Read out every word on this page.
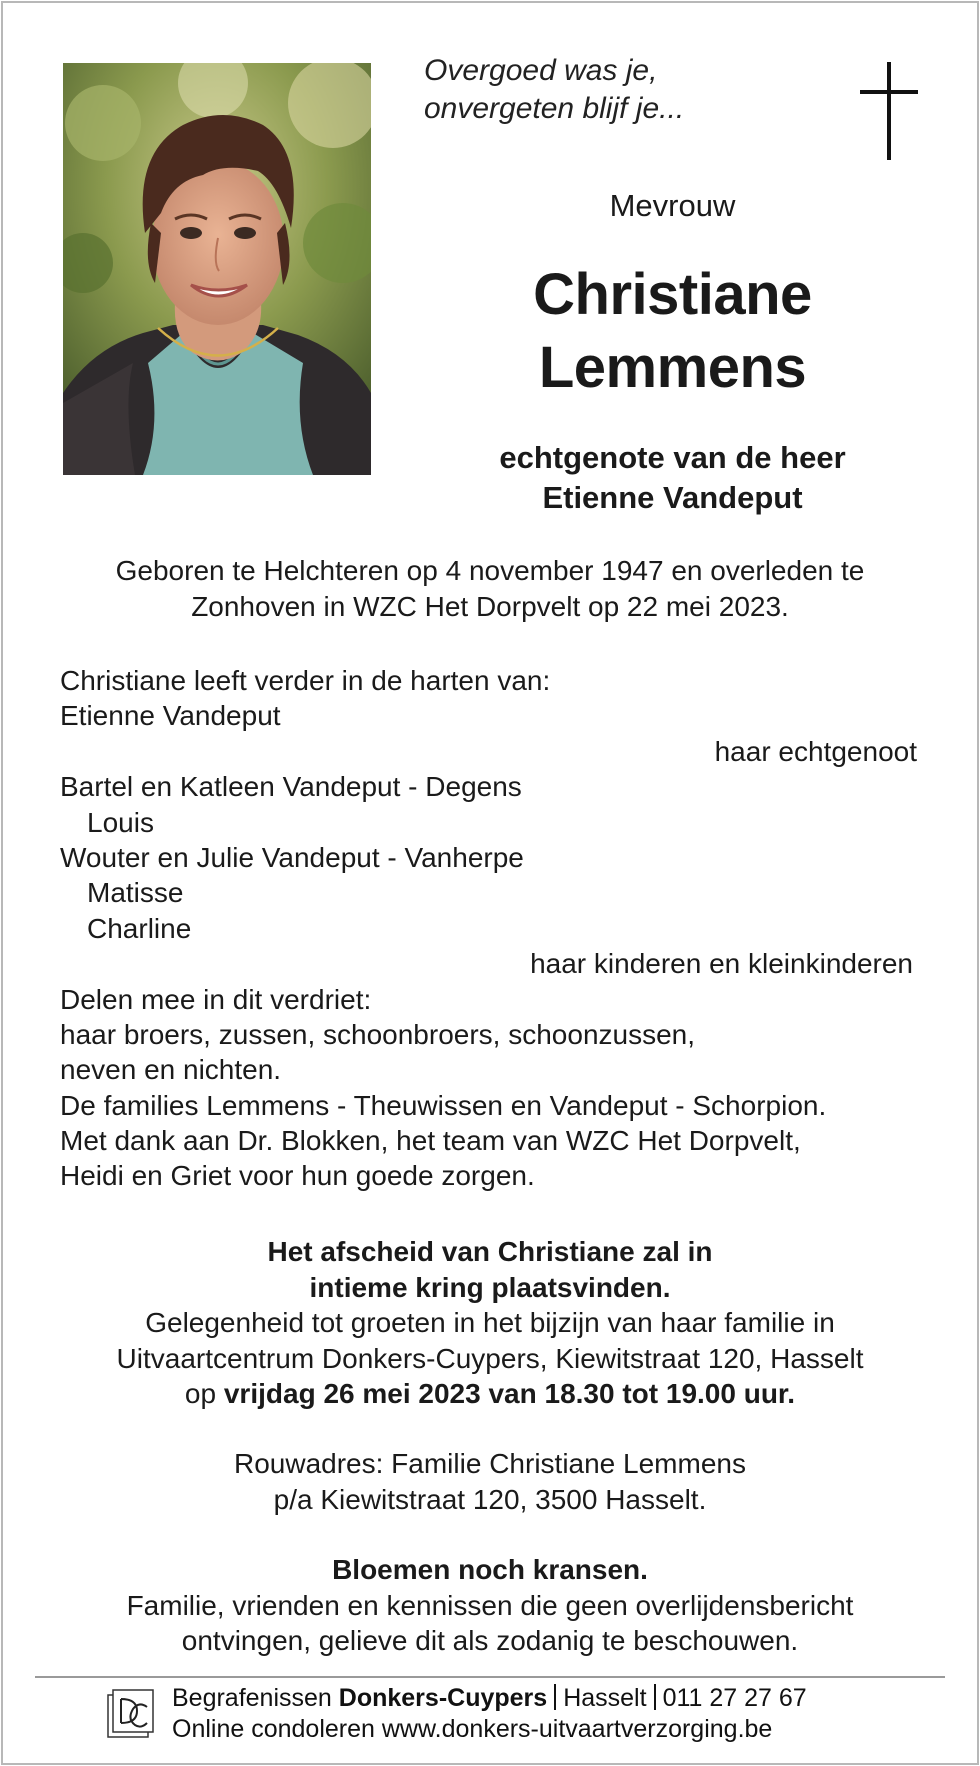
Overgoed was je,
onvergeten blijf je...
Mevrouw
Christiane
Lemmens
echtgenote van de heer
Etienne Vandeput
Geboren te Helchteren op 4 november 1947 en overleden te
Zonhoven in WZC Het Dorpvelt op 22 mei 2023.
Christiane leeft verder in de harten van:
Etienne Vandeput
haar echtgenoot
Bartel en Katleen Vandeput - Degens
Louis
Wouter en Julie Vandeput - Vanherpe
Matisse
Charline
haar kinderen en kleinkinderen
Delen mee in dit verdriet:
haar broers, zussen, schoonbroers, schoonzussen,
neven en nichten.
De families Lemmens - Theuwissen en Vandeput - Schorpion.
Met dank aan Dr. Blokken, het team van WZC Het Dorpvelt,
Heidi en Griet voor hun goede zorgen.
Het afscheid van Christiane zal in
intieme kring plaatsvinden.
Gelegenheid tot groeten in het bijzijn van haar familie in
Uitvaartcentrum Donkers-Cuypers, Kiewitstraat 120, Hasselt
op vrijdag 26 mei 2023 van 18.30 tot 19.00 uur.
Rouwadres: Familie Christiane Lemmens
p/a Kiewitstraat 120, 3500 Hasselt.
Bloemen noch kransen.
Familie, vrienden en kennissen die geen overlijdensbericht
ontvingen, gelieve dit als zodanig te beschouwen.
Begrafenissen Donkers-Cuypers Hasselt 011 27 27 67
Online condoleren www.donkers-uitvaartverzorging.be
